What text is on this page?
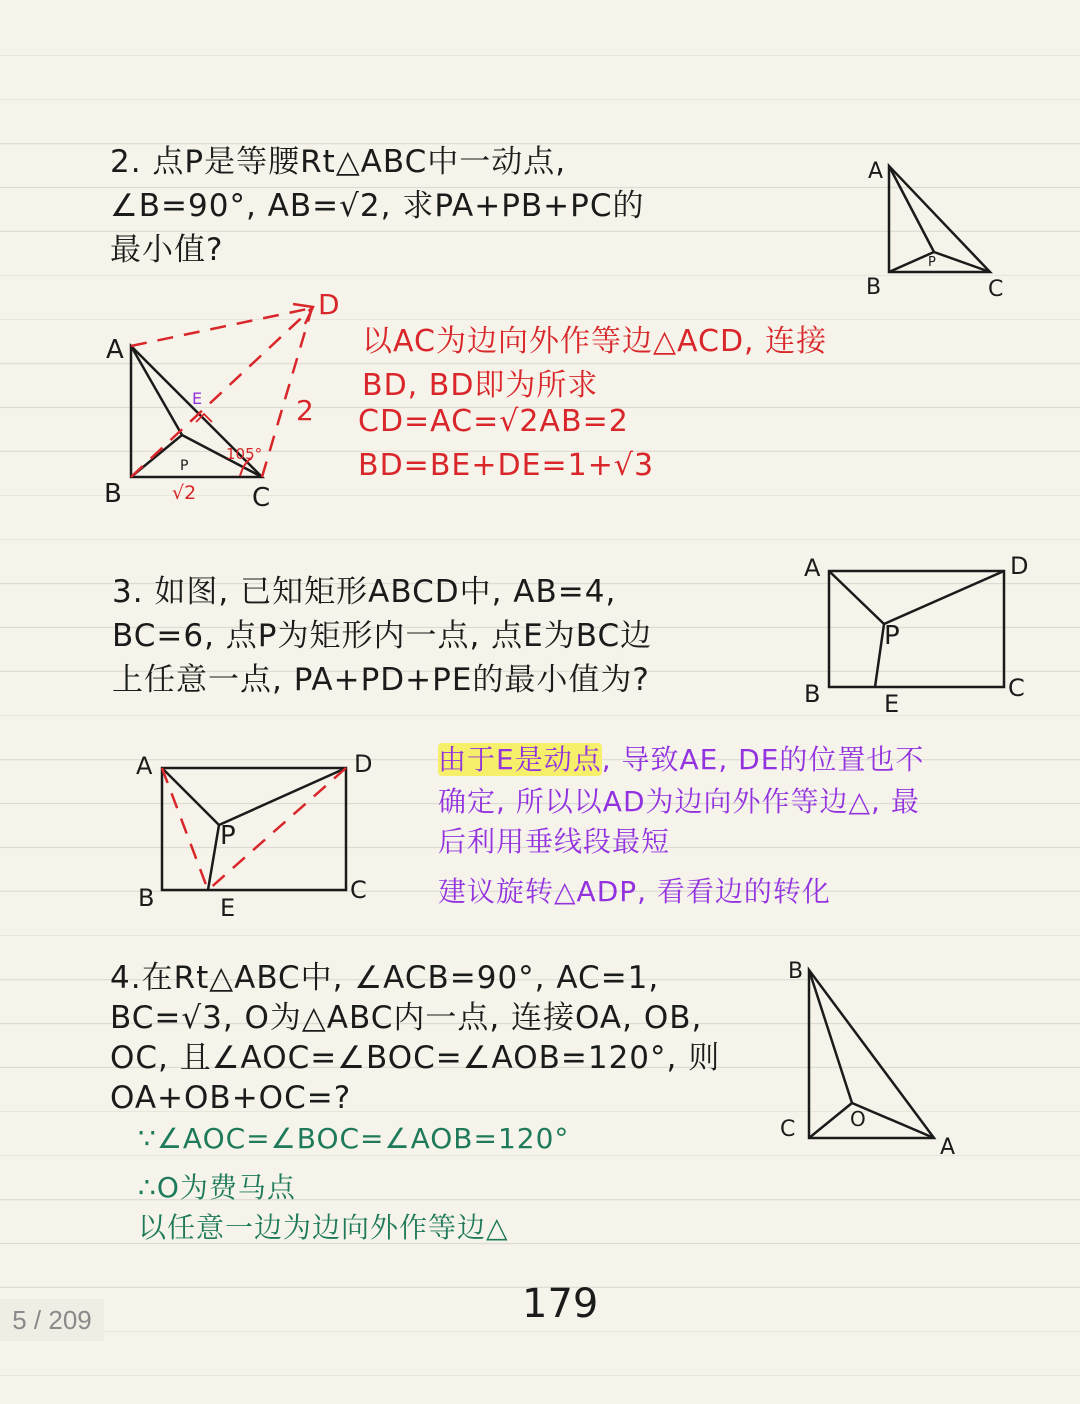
2. 点P是等腰Rt△ABC中一动点,
∠B=90°, AB=√2, 求PA+PB+PC的
最小值?
A
B	C
P
A
B	C
D
E
P
105°
√2
2
以AC为边向外作等边△ACD, 连接
BD, BD即为所求
CD=AC=√2AB=2
BD=BE+DE=1+√3
3. 如图, 已知矩形ABCD中, AB=4,
BC=6, 点P为矩形内一点, 点E为BC边
上任意一点, PA+PD+PE的最小值为?
A	D
B	C
P
E
A	D
B	C
P
E
由于E是动点, 导致AE, DE的位置也不
确定, 所以以AD为边向外作等边△, 最
后利用垂线段最短
建议旋转△ADP, 看看边的转化
4.在Rt△ABC中, ∠ACB=90°, AC=1,
BC=√3, O为△ABC内一点, 连接OA, OB,
OC, 且∠AOC=∠BOC=∠AOB=120°, 则
OA+OB+OC=?
B
C
A
O
∵∠AOC=∠BOC=∠AOB=120°
∴O为费马点
以任意一边为边向外作等边△
5 / 209	179
